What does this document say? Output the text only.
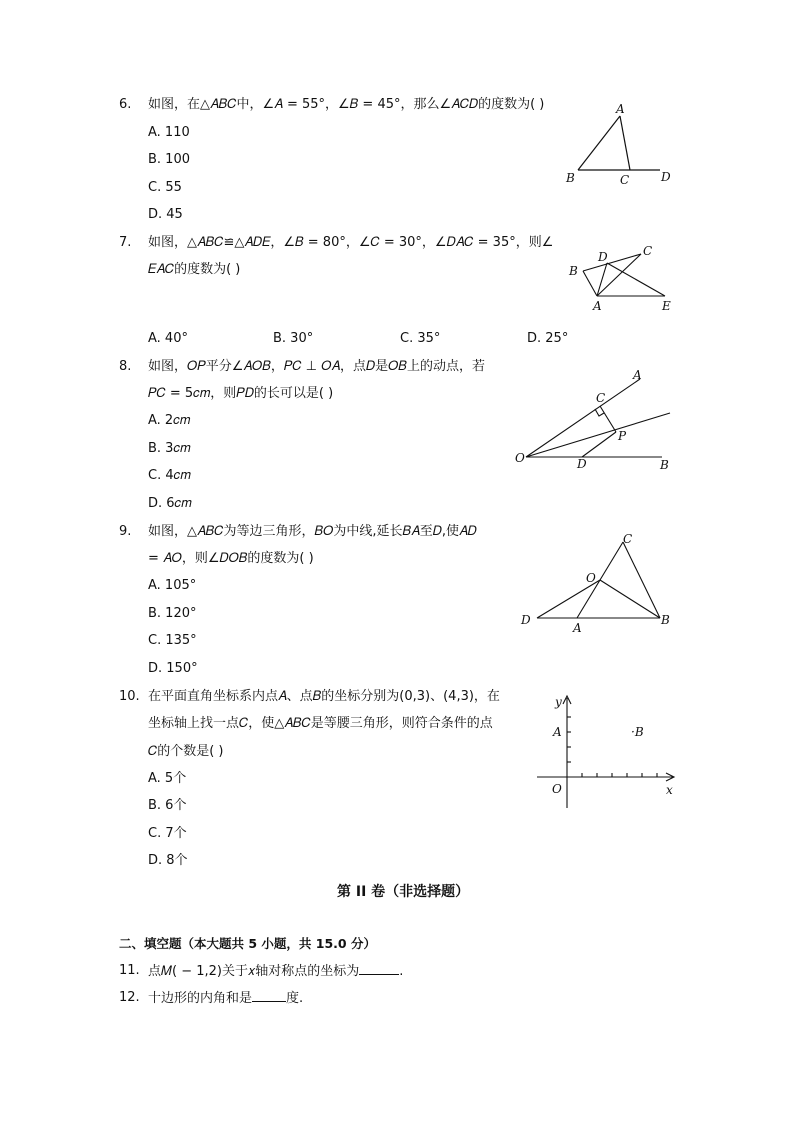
6. 如图，在△𝐴𝐵𝐶中，∠𝐴 = 55°，∠𝐵 = 45°，那么∠𝐴𝐶𝐷的度数为( )
A. 110
B. 100
C. 55
D. 45
A
B	C	D
7. 如图，△𝐴𝐵𝐶≌△𝐴𝐷𝐸，∠𝐵 = 80°，∠𝐶 = 30°，∠𝐷𝐴𝐶 = 35°，则∠
𝐸𝐴𝐶的度数为( )
A. 40°	B. 30°	C. 35°	D. 25°
A
B
C
D
E
8. 如图，𝑂𝑃平分∠𝐴𝑂𝐵，𝑃𝐶 ⊥ 𝑂𝐴，点𝐷是𝑂𝐵上的动点，若
𝑃𝐶 = 5𝑐𝑚，则𝑃𝐷的长可以是( )
A. 2𝑐𝑚
B. 3𝑐𝑚
C. 4𝑐𝑚
D. 6𝑐𝑚
O
A
B
C
D
P
9. 如图，△𝐴𝐵𝐶为等边三角形，𝐵𝑂为中线,延长𝐵𝐴至𝐷,使𝐴𝐷
= 𝐴𝑂，则∠𝐷𝑂𝐵的度数为( )
A. 105°
B. 120°
C. 135°
D. 150°
C
O
D
A
B
10. 在平面直角坐标系内点𝐴、点𝐵的坐标分别为(0,3)、(4,3)，在
坐标轴上找一点𝐶，使△𝐴𝐵𝐶是等腰三角形，则符合条件的点
𝐶的个数是( )
A. 5个
B. 6个
C. 7个
D. 8个
y
x
O
A	·B
第 II 卷（非选择题）
二、填空题（本大题共 5 小题，共 15.0 分）
11. 点𝑀( − 1,2)关于𝑥轴对称点的坐标为	.
12. 十边形的内角和是	度.
